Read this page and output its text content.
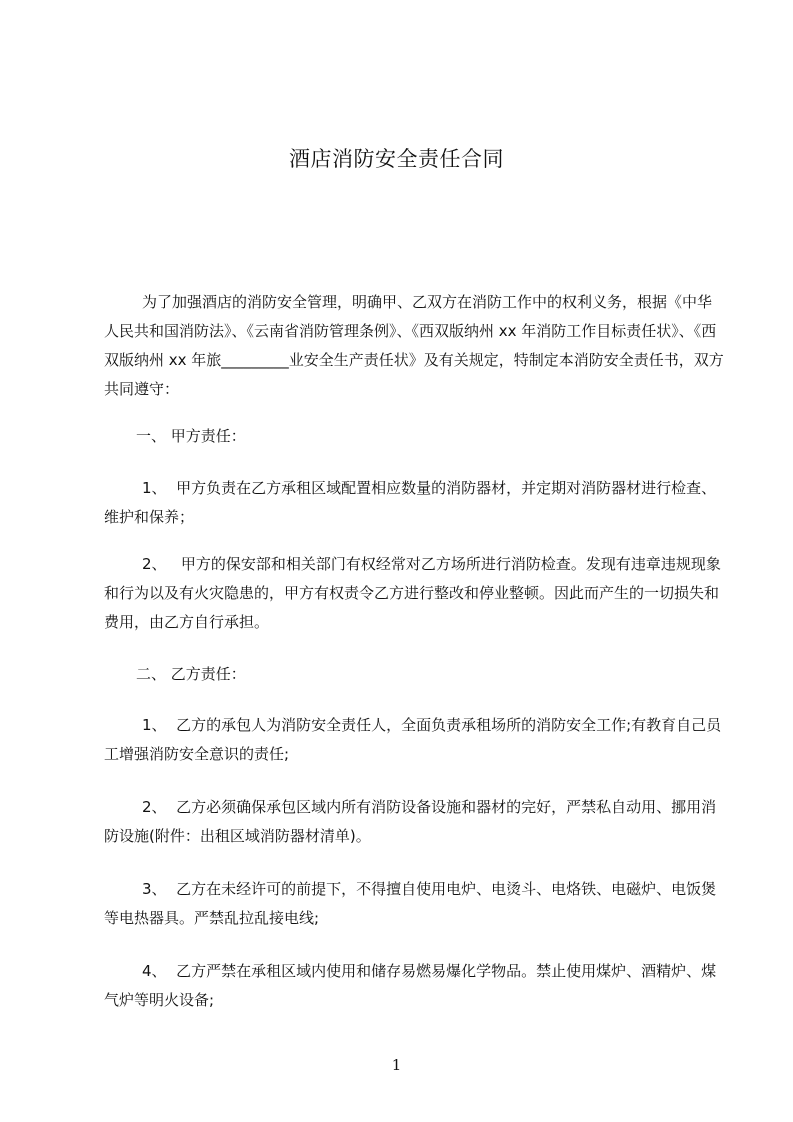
酒店消防安全责任合同
为了加强酒店的消防安全管理，明确甲、乙双方在消防工作中的权利义务，根据《中华人民共和国消防法》、《云南省消防管理条例》、《西双版纳州 xx 年消防工作目标责任状》、《西双版纳州 xx 年旅_________业安全生产责任状》及有关规定，特制定本消防安全责任书，双方共同遵守：
一、 甲方责任：
1、  甲方负责在乙方承租区域配置相应数量的消防器材，并定期对消防器材进行检查、维护和保养；
2、   甲方的保安部和相关部门有权经常对乙方场所进行消防检查。发现有违章违规现象和行为以及有火灾隐患的，甲方有权责令乙方进行整改和停业整顿。因此而产生的一切损失和费用，由乙方自行承担。
二、 乙方责任：
1、  乙方的承包人为消防安全责任人，全面负责承租场所的消防安全工作;有教育自己员工增强消防安全意识的责任;
2、  乙方必须确保承包区域内所有消防设备设施和器材的完好，严禁私自动用、挪用消防设施(附件：出租区域消防器材清单)。
3、  乙方在未经许可的前提下，不得擅自使用电炉、电烫斗、电烙铁、电磁炉、电饭煲等电热器具。严禁乱拉乱接电线;
4、  乙方严禁在承租区域内使用和储存易燃易爆化学物品。禁止使用煤炉、酒精炉、煤气炉等明火设备;
1
